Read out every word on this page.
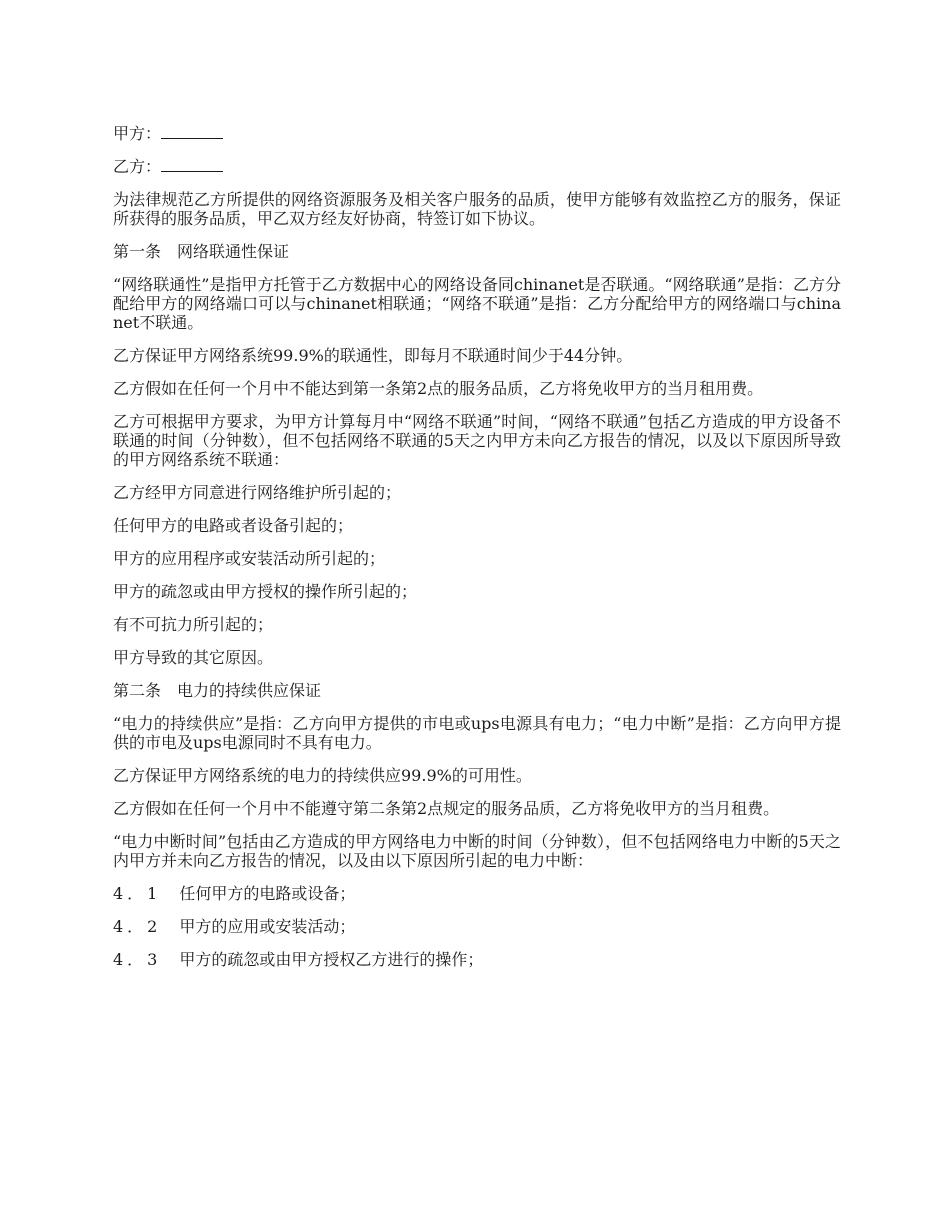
甲方：

乙方：

为法律规范乙方所提供的网络资源服务及相关客户服务的品质，使甲方能够有效监控乙方的服务，保证所获得的服务品质，甲乙双方经友好协商，特签订如下协议。

第一条 网络联通性保证

“网络联通性”是指甲方托管于乙方数据中心的网络设备同chinanet是否联通。“网络联通”是指：乙方分配给甲方的网络端口可以与chinanet相联通；“网络不联通”是指：乙方分配给甲方的网络端口与chinanet不联通。

乙方保证甲方网络系统99.9%的联通性，即每月不联通时间少于44分钟。

乙方假如在任何一个月中不能达到第一条第2点的服务品质，乙方将免收甲方的当月租用费。

乙方可根据甲方要求，为甲方计算每月中“网络不联通”时间，“网络不联通”包括乙方造成的甲方设备不联通的时间（分钟数），但不包括网络不联通的5天之内甲方未向乙方报告的情况，以及以下原因所导致的甲方网络系统不联通：

乙方经甲方同意进行网络维护所引起的；

任何甲方的电路或者设备引起的；

甲方的应用程序或安装活动所引起的；

甲方的疏忽或由甲方授权的操作所引起的；

有不可抗力所引起的；

甲方导致的其它原因。

第二条 电力的持续供应保证

“电力的持续供应”是指：乙方向甲方提供的市电或ups电源具有电力；“电力中断”是指：乙方向甲方提供的市电及ups电源同时不具有电力。

乙方保证甲方网络系统的电力的持续供应99.9%的可用性。

乙方假如在任何一个月中不能遵守第二条第2点规定的服务品质，乙方将免收甲方的当月租费。

“电力中断时间”包括由乙方造成的甲方网络电力中断的时间（分钟数），但不包括网络电力中断的5天之内甲方并未向乙方报告的情况，以及由以下原因所引起的电力中断：

4．1 任何甲方的电路或设备；

4．2 甲方的应用或安装活动；

4．3 甲方的疏忽或由甲方授权乙方进行的操作；
